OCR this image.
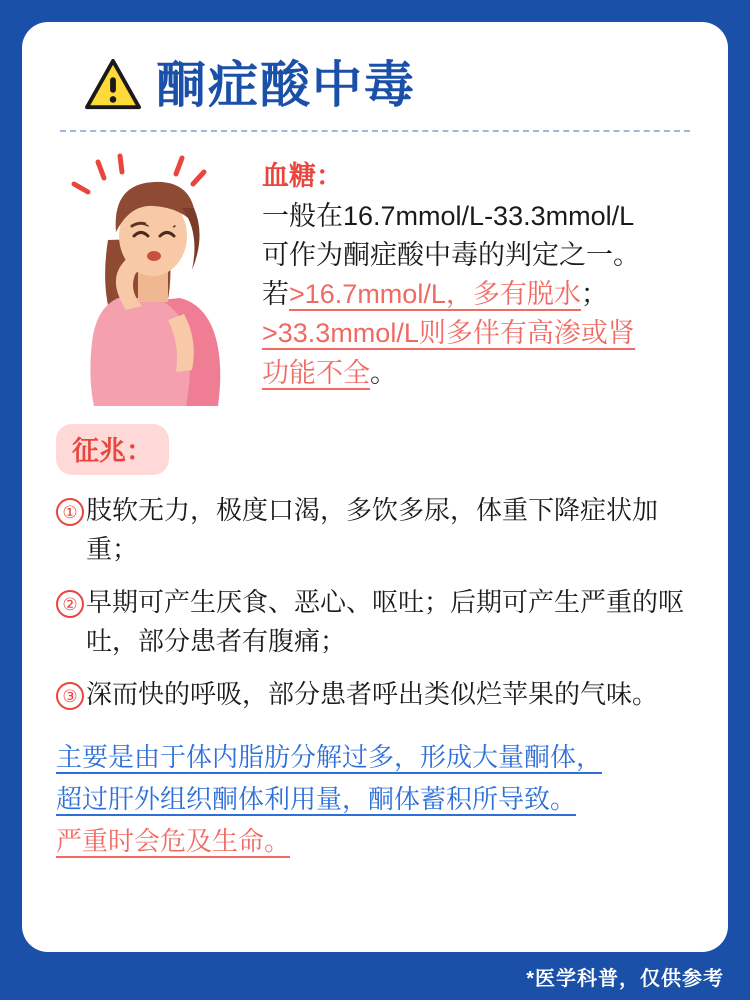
酮症酸中毒
血糖：
一般在16.7mmol/L-33.3mmol/L
可作为酮症酸中毒的判定之一。
若>16.7mmol/L，多有脱水；
>33.3mmol/L则多伴有高渗或肾
功能不全。
征兆：
① 肢软无力，极度口渴，多饮多尿，体重下降症状加重；
② 早期可产生厌食、恶心、呕吐；后期可产生严重的呕吐，部分患者有腹痛；
③ 深而快的呼吸，部分患者呼出类似烂苹果的气味。
主要是由于体内脂肪分解过多，形成大量酮体，
超过肝外组织酮体利用量，酮体蓄积所导致。
严重时会危及生命。
*医学科普，仅供参考
